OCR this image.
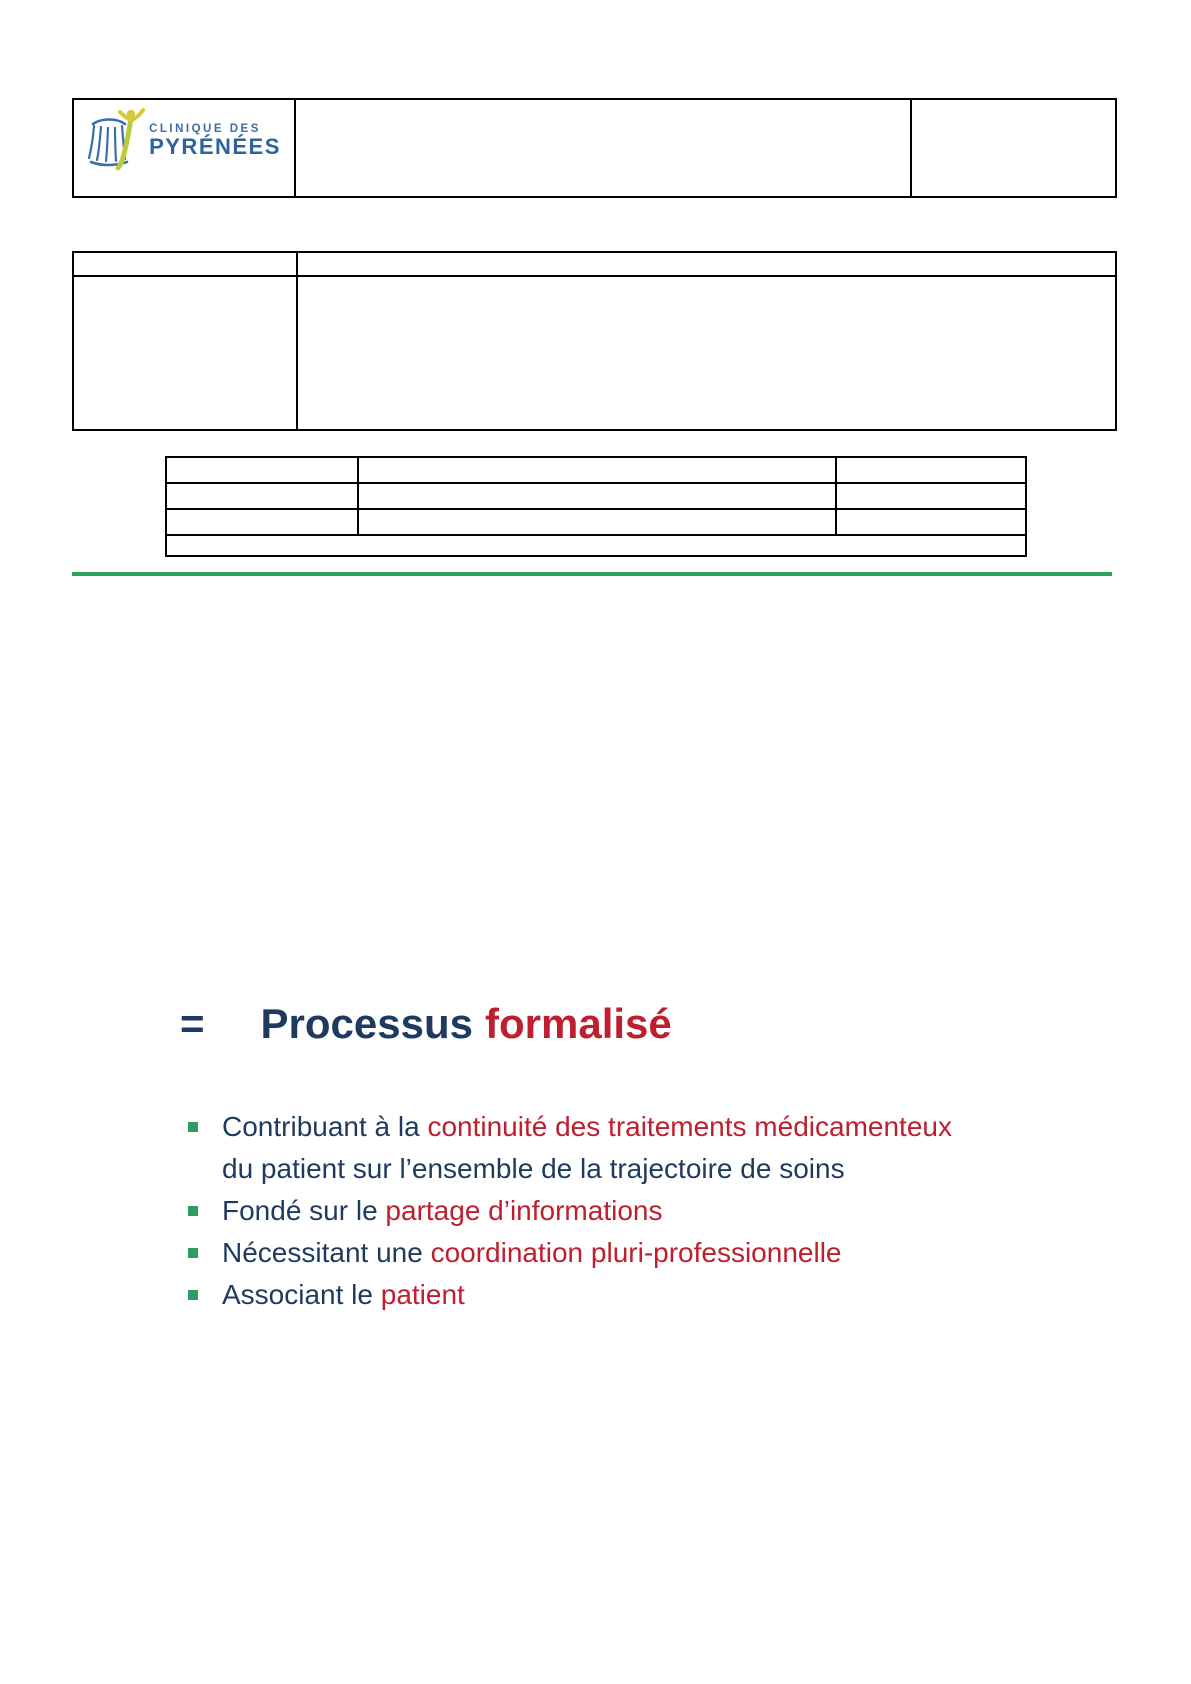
CLINIQUE DES
PYRÉNÉES

= Processus formalisé
Contribuant à la continuité des traitements médicamenteux
du patient sur l’ensemble de la trajectoire de soins
Fondé sur le partage d’informations
Nécessitant une coordination pluri-professionnelle
Associant le patient
